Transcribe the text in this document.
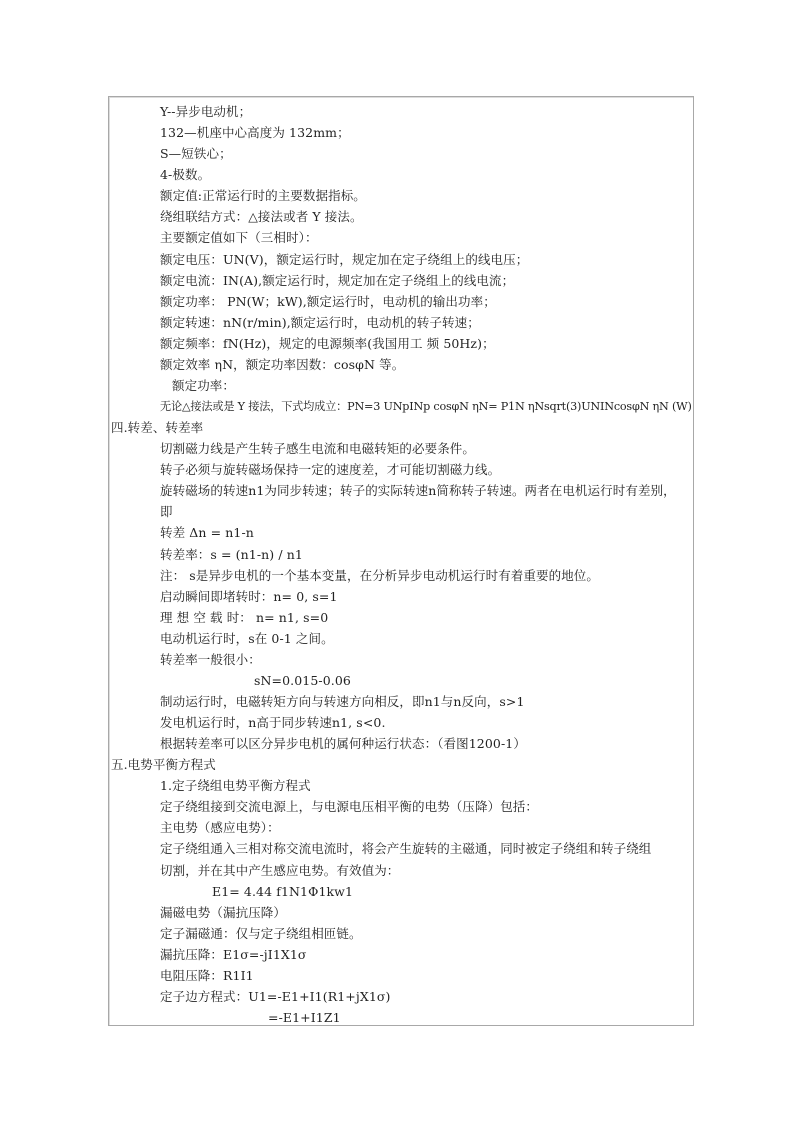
Y--异步电动机；
132—机座中心高度为 132mm；
S—短铁心；
4-极数。
额定值:正常运行时的主要数据指标。
绕组联结方式：△接法或者 Y 接法。
主要额定值如下（三相时）：
额定电压：UN(V)，额定运行时，规定加在定子绕组上的线电压；
额定电流：IN(A),额定运行时，规定加在定子绕组上的线电流；
额定功率： PN(W；kW),额定运行时，电动机的输出功率；
额定转速：nN(r/min),额定运行时，电动机的转子转速；
额定频率：fN(Hz)，规定的电源频率(我国用工 频 50Hz)；
额定效率 ηN，额定功率因数：cosφN 等。
额定功率：
无论△接法或是 Y 接法，下式均成立：PN=3 UNpINp cosφN ηN= P1N ηNsqrt(3)UNINcosφN ηN (W)
四.转差、转差率
切割磁力线是产生转子感生电流和电磁转矩的必要条件。
转子必须与旋转磁场保持一定的速度差，才可能切割磁力线。
旋转磁场的转速n1为同步转速；转子的实际转速n简称转子转速。两者在电机运行时有差别，
即
转差 Δn = n1-n
转差率：s = (n1-n) / n1
注： s是异步电机的一个基本变量，在分析异步电动机运行时有着重要的地位。
启动瞬间即堵转时：n= 0, s=1
理 想 空 载 时： n= n1, s=0
电动机运行时，s在 0-1 之间。
转差率一般很小：
sN=0.015-0.06
制动运行时，电磁转矩方向与转速方向相反，即n1与n反向，s>1
发电机运行时，n高于同步转速n1, s<0.
根据转差率可以区分异步电机的属何种运行状态：（看图1200-1）
五.电势平衡方程式
1.定子绕组电势平衡方程式
定子绕组接到交流电源上，与电源电压相平衡的电势（压降）包括：
主电势（感应电势）：
定子绕组通入三相对称交流电流时，将会产生旋转的主磁通，同时被定子绕组和转子绕组
切割，并在其中产生感应电势。有效值为：
E1= 4.44 f1N1Φ1kw1
漏磁电势（漏抗压降）
定子漏磁通：仅与定子绕组相匝链。
漏抗压降：E1σ=-jI1X1σ
电阻压降：R1I1
定子边方程式：U1=-E1+I1(R1+jX1σ)
=-E1+I1Z1
